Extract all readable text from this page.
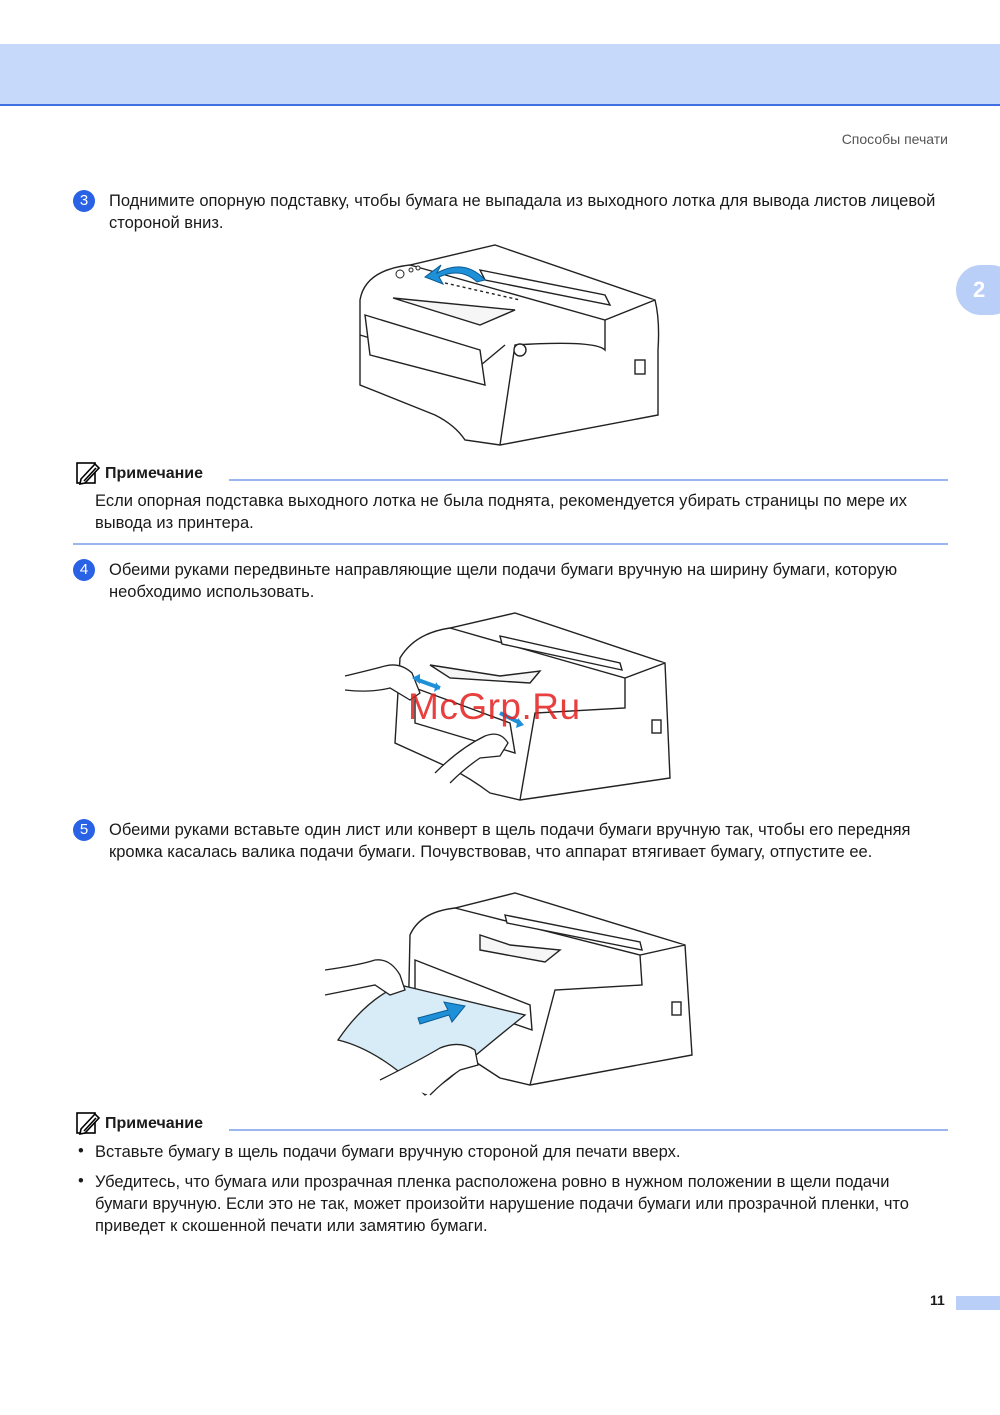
Способы печати
2
3	Поднимите опорную подставку, чтобы бумага не выпадала из выходного лотка для вывода листов лицевой стороной вниз.
Примечание
Если опорная подставка выходного лотка не была поднята, рекомендуется убирать страницы по мере их вывода из принтера.
4	Обеими руками передвиньте направляющие щели подачи бумаги вручную на ширину бумаги, которую необходимо использовать.
McGrp.Ru
5	Обеими руками вставьте один лист или конверт в щель подачи бумаги вручную так, чтобы его передняя кромка касалась валика подачи бумаги. Почувствовав, что аппарат втягивает бумагу, отпустите ее.
Примечание
• Вставьте бумагу в щель подачи бумаги вручную стороной для печати вверх.
• Убедитесь, что бумага или прозрачная пленка расположена ровно в нужном положении в щели подачи бумаги вручную. Если это не так, может произойти нарушение подачи бумаги или прозрачной пленки, что приведет к скошенной печати или замятию бумаги.
11
